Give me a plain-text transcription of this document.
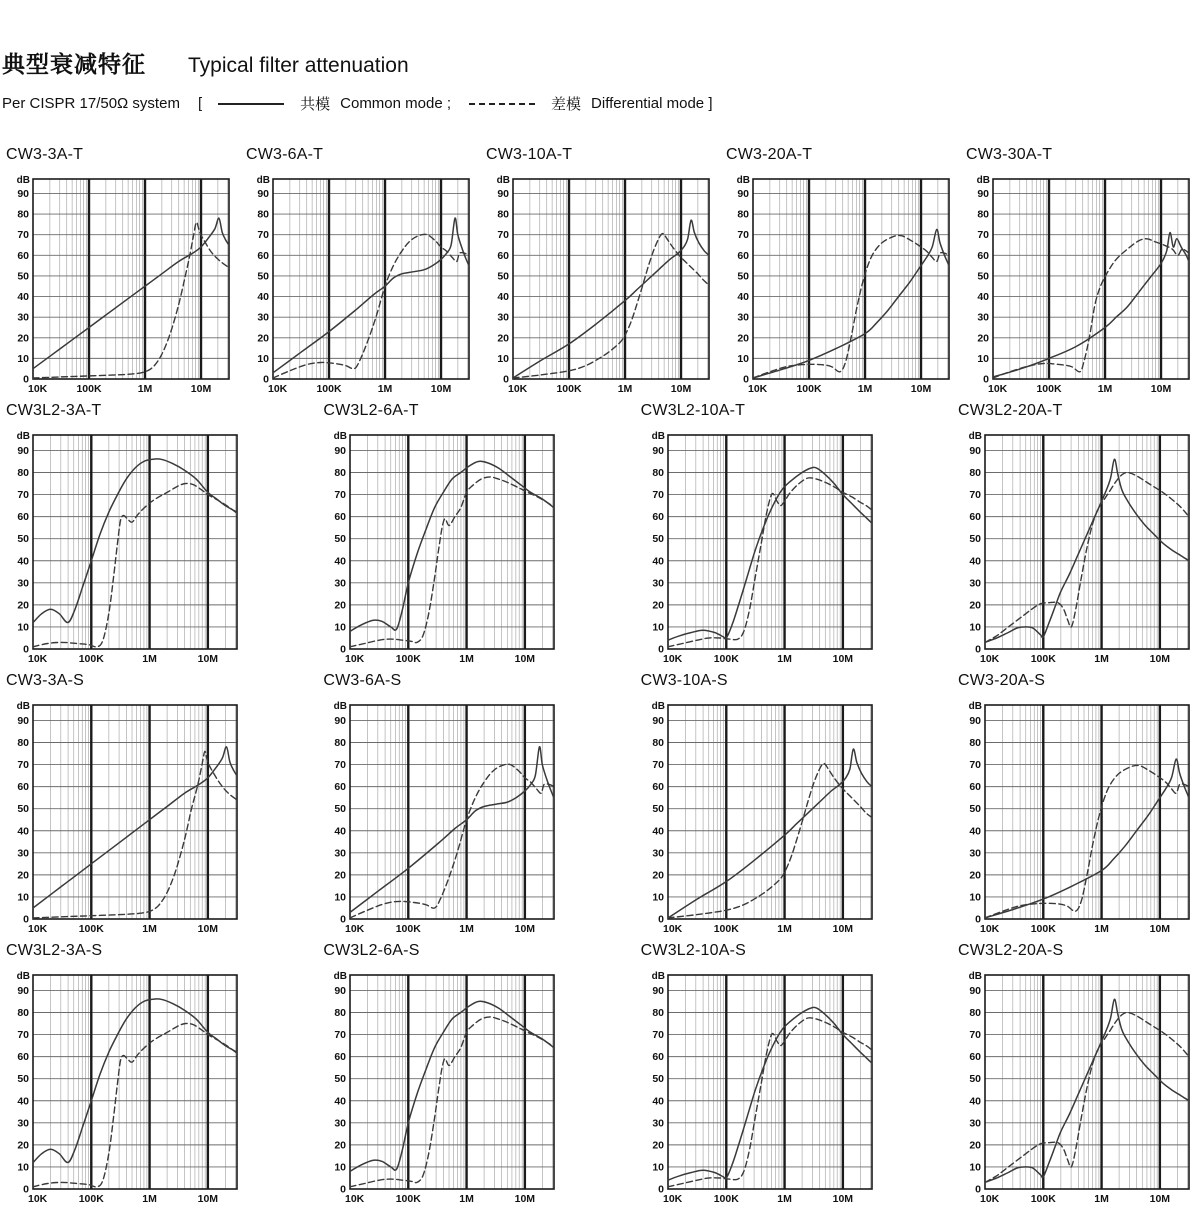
典型衰减特征 Typical filter attenuation
Per CISPR 17/50Ω system [	共模 Common mode ;	差模 Differential mode ]
CW3-3A-T
0
10
20
30
40
50
60
70
80
90
dB
10K	100K	1M	10M
CW3-6A-T
0
10
20
30
40
50
60
70
80
90
dB
10K	100K	1M	10M
CW3-10A-T
0
10
20
30
40
50
60
70
80
90
dB
10K	100K	1M	10M
CW3-20A-T
0
10
20
30
40
50
60
70
80
90
dB
10K	100K	1M	10M
CW3-30A-T
0
10
20
30
40
50
60
70
80
90
dB
10K	100K	1M	10M
CW3L2-3A-T
0
10
20
30
40
50
60
70
80
90
dB
10K	100K	1M	10M
CW3L2-6A-T
0
10
20
30
40
50
60
70
80
90
dB
10K	100K	1M	10M
CW3L2-10A-T
0
10
20
30
40
50
60
70
80
90
dB
10K	100K	1M	10M
CW3L2-20A-T
0
10
20
30
40
50
60
70
80
90
dB
10K	100K	1M	10M
CW3-3A-S
0
10
20
30
40
50
60
70
80
90
dB
10K	100K	1M	10M
CW3-6A-S
0
10
20
30
40
50
60
70
80
90
dB
10K	100K	1M	10M
CW3-10A-S
0
10
20
30
40
50
60
70
80
90
dB
10K	100K	1M	10M
CW3-20A-S
0
10
20
30
40
50
60
70
80
90
dB
10K	100K	1M	10M
CW3L2-3A-S
0
10
20
30
40
50
60
70
80
90
dB
10K	100K	1M	10M
CW3L2-6A-S
0
10
20
30
40
50
60
70
80
90
dB
10K	100K	1M	10M
CW3L2-10A-S
0
10
20
30
40
50
60
70
80
90
dB
10K	100K	1M	10M
CW3L2-20A-S
0
10
20
30
40
50
60
70
80
90
dB
10K	100K	1M	10M
